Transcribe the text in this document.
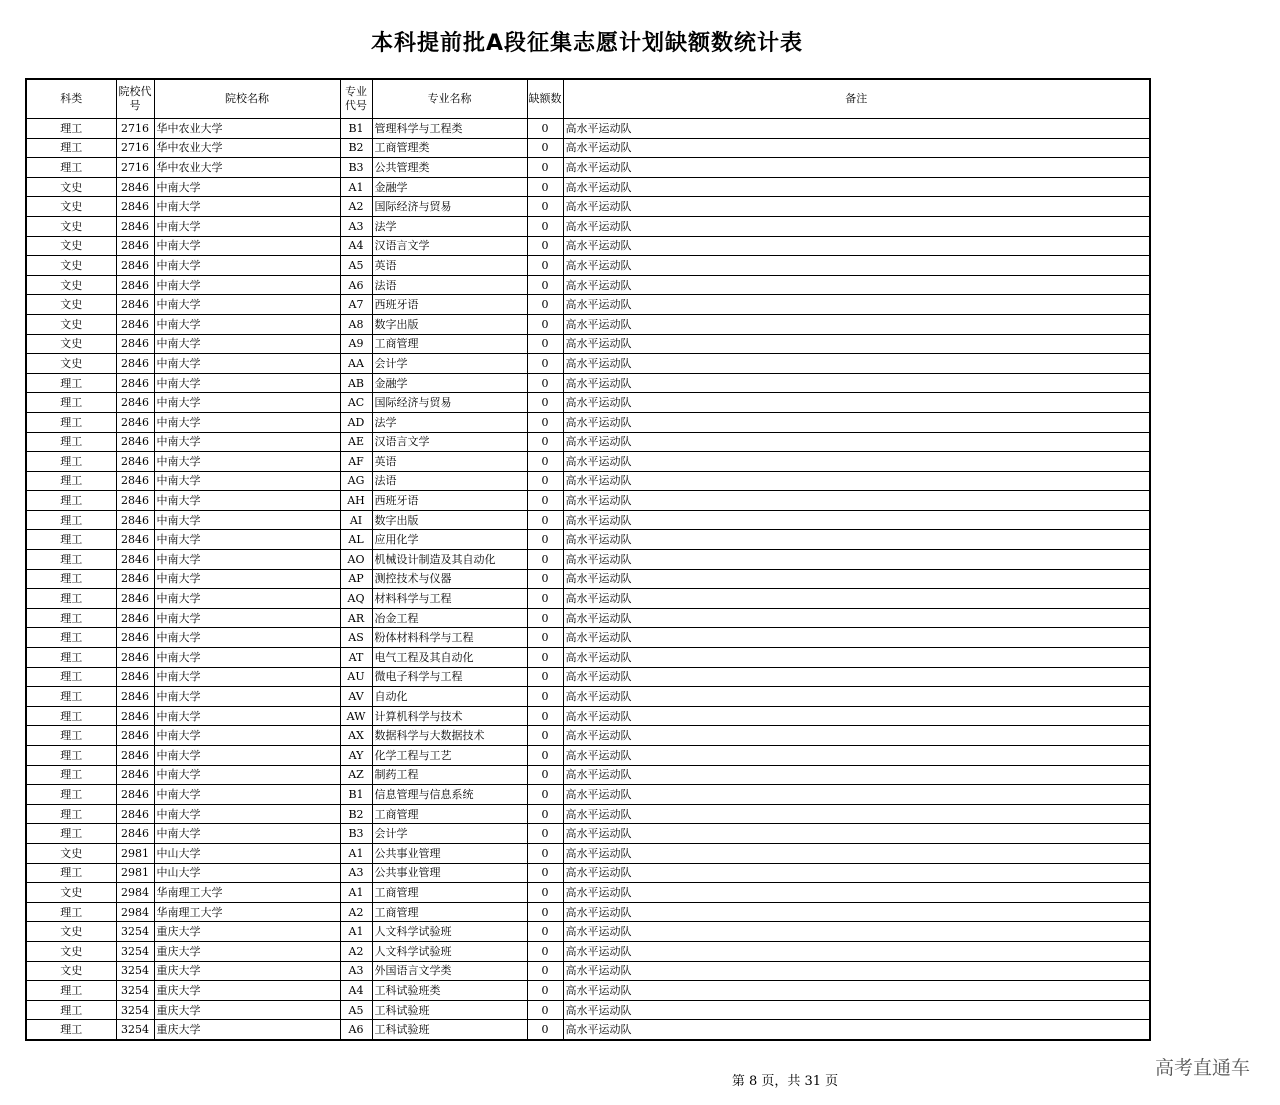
本科提前批A段征集志愿计划缺额数统计表
科类	院校代号	院校名称	专业代号	专业名称	缺额数	备注
理工	2716	华中农业大学	B1	管理科学与工程类	0	高水平运动队
理工	2716	华中农业大学	B2	工商管理类	0	高水平运动队
理工	2716	华中农业大学	B3	公共管理类	0	高水平运动队
文史	2846	中南大学	A1	金融学	0	高水平运动队
文史	2846	中南大学	A2	国际经济与贸易	0	高水平运动队
文史	2846	中南大学	A3	法学	0	高水平运动队
文史	2846	中南大学	A4	汉语言文学	0	高水平运动队
文史	2846	中南大学	A5	英语	0	高水平运动队
文史	2846	中南大学	A6	法语	0	高水平运动队
文史	2846	中南大学	A7	西班牙语	0	高水平运动队
文史	2846	中南大学	A8	数字出版	0	高水平运动队
文史	2846	中南大学	A9	工商管理	0	高水平运动队
文史	2846	中南大学	AA	会计学	0	高水平运动队
理工	2846	中南大学	AB	金融学	0	高水平运动队
理工	2846	中南大学	AC	国际经济与贸易	0	高水平运动队
理工	2846	中南大学	AD	法学	0	高水平运动队
理工	2846	中南大学	AE	汉语言文学	0	高水平运动队
理工	2846	中南大学	AF	英语	0	高水平运动队
理工	2846	中南大学	AG	法语	0	高水平运动队
理工	2846	中南大学	AH	西班牙语	0	高水平运动队
理工	2846	中南大学	AI	数字出版	0	高水平运动队
理工	2846	中南大学	AL	应用化学	0	高水平运动队
理工	2846	中南大学	AO	机械设计制造及其自动化	0	高水平运动队
理工	2846	中南大学	AP	测控技术与仪器	0	高水平运动队
理工	2846	中南大学	AQ	材料科学与工程	0	高水平运动队
理工	2846	中南大学	AR	冶金工程	0	高水平运动队
理工	2846	中南大学	AS	粉体材料科学与工程	0	高水平运动队
理工	2846	中南大学	AT	电气工程及其自动化	0	高水平运动队
理工	2846	中南大学	AU	微电子科学与工程	0	高水平运动队
理工	2846	中南大学	AV	自动化	0	高水平运动队
理工	2846	中南大学	AW	计算机科学与技术	0	高水平运动队
理工	2846	中南大学	AX	数据科学与大数据技术	0	高水平运动队
理工	2846	中南大学	AY	化学工程与工艺	0	高水平运动队
理工	2846	中南大学	AZ	制药工程	0	高水平运动队
理工	2846	中南大学	B1	信息管理与信息系统	0	高水平运动队
理工	2846	中南大学	B2	工商管理	0	高水平运动队
理工	2846	中南大学	B3	会计学	0	高水平运动队
文史	2981	中山大学	A1	公共事业管理	0	高水平运动队
理工	2981	中山大学	A3	公共事业管理	0	高水平运动队
文史	2984	华南理工大学	A1	工商管理	0	高水平运动队
理工	2984	华南理工大学	A2	工商管理	0	高水平运动队
文史	3254	重庆大学	A1	人文科学试验班	0	高水平运动队
文史	3254	重庆大学	A2	人文科学试验班	0	高水平运动队
文史	3254	重庆大学	A3	外国语言文学类	0	高水平运动队
理工	3254	重庆大学	A4	工科试验班类	0	高水平运动队
理工	3254	重庆大学	A5	工科试验班	0	高水平运动队
理工	3254	重庆大学	A6	工科试验班	0	高水平运动队
第 8 页，共 31 页
高考直通车
